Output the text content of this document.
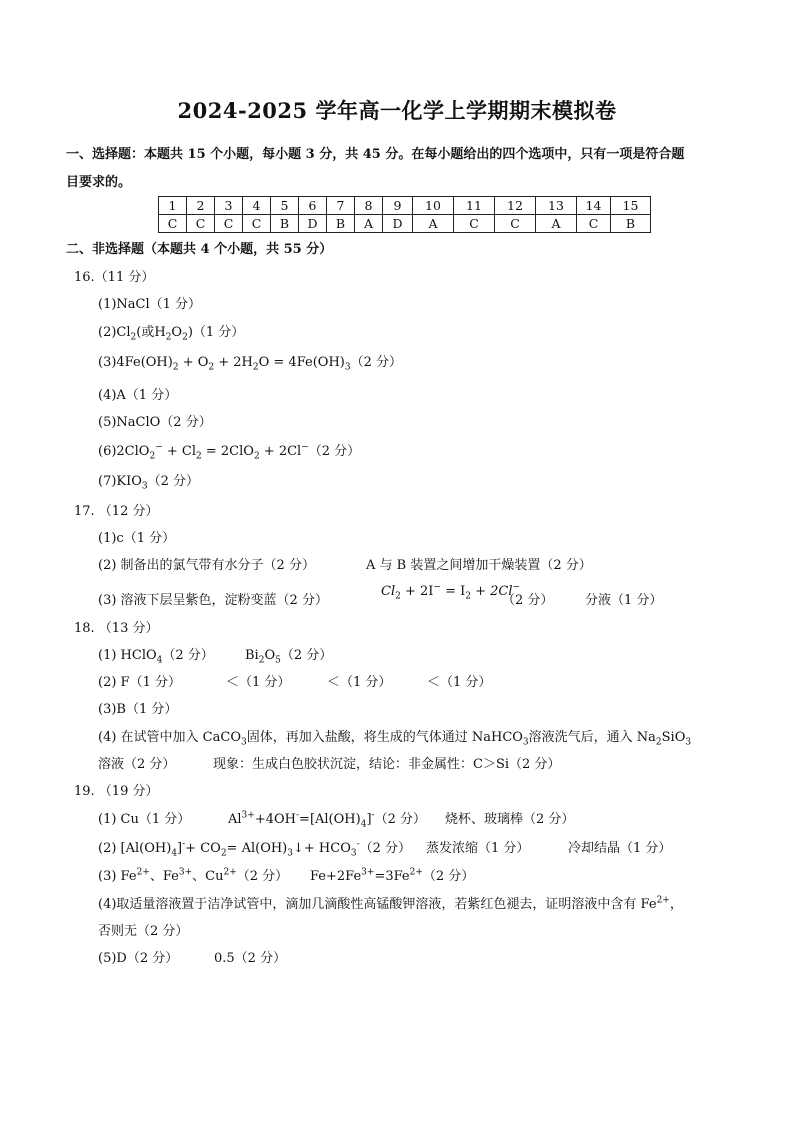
2024-2025 学年高一化学上学期期末模拟卷
一、选择题：本题共 15 个小题，每小题 3 分，共 45 分。在每小题给出的四个选项中，只有一项是符合题
目要求的。
1	2	3	4	5	6	7	8	9	10	11	12	13	14	15
C	C	C	C	B	D	B	A	D	A	C	C	A	C	B
二、非选择题（本题共 4 个小题，共 55 分）
16.（11 分）
(1)NaCl（1 分）
$(2)Cl_2$(或$H_2O_2)(1$ 分）
$(3)4Fe(OH)_2 + O_2 + 2H_2O = 4Fe(OH)_3(2$ 分）
(4)A（1 分）
(5)NaClO（2 分）
$(6)2ClO_2^- + Cl_2 = 2ClO_2 + 2Cl^-(2$ 分）
$(7)KIO_3(2$ 分）
17. （12 分）
(1)c（1 分）
(2) 制备出的氯气带有水分子（2 分）	A 与 B 装置之间增加干燥装置（2 分）
(3) 溶液下层呈紫色，淀粉变蓝（2 分）
$Cl_2 + 2I^- = I_2 + 2Cl^-$
（2 分） 分液（1 分）
18. （13 分）
(1) HClO$_4$（2 分） $Bi_2O_5(2$ 分）
(2) F（1 分）	＜（1 分）	＜（1 分）	＜（1 分）
(3)B（1 分）
(4) 在试管中加入 CaCO$_3$固体，再加入盐酸，将生成的气体通过 NaHCO$_3$溶液洗气后，通入 $Na_2SiO_3$
溶液（2 分）	现象：生成白色胶状沉淀，结论：非金属性：C＞Si（2 分）
19. （19 分）
(1) Cu（1 分）	$Al^{3+}+4OH^-=[Al(OH)_4]^-(2$ 分） 烧杯、玻璃棒（2 分）
(2) $[Al(OH)_4]^-+ CO_2=$ $Al(OH)_3↓+ HCO_3^-(2$ 分） 蒸发浓缩（1 分）	冷却结晶（1 分）
(3) $Fe^{2+}$、$Fe^{3+}$、$Cu^{2+}(2$ 分） $Fe+2Fe^{3+}=3Fe^{2+}(2$ 分）
(4)取适量溶液置于洁净试管中，滴加几滴酸性高锰酸钾溶液，若紫红色褪去，证明溶液中含有 $Fe^{2+}$，
否则无（2 分）
(5)D（2 分）	0.5（2 分）
